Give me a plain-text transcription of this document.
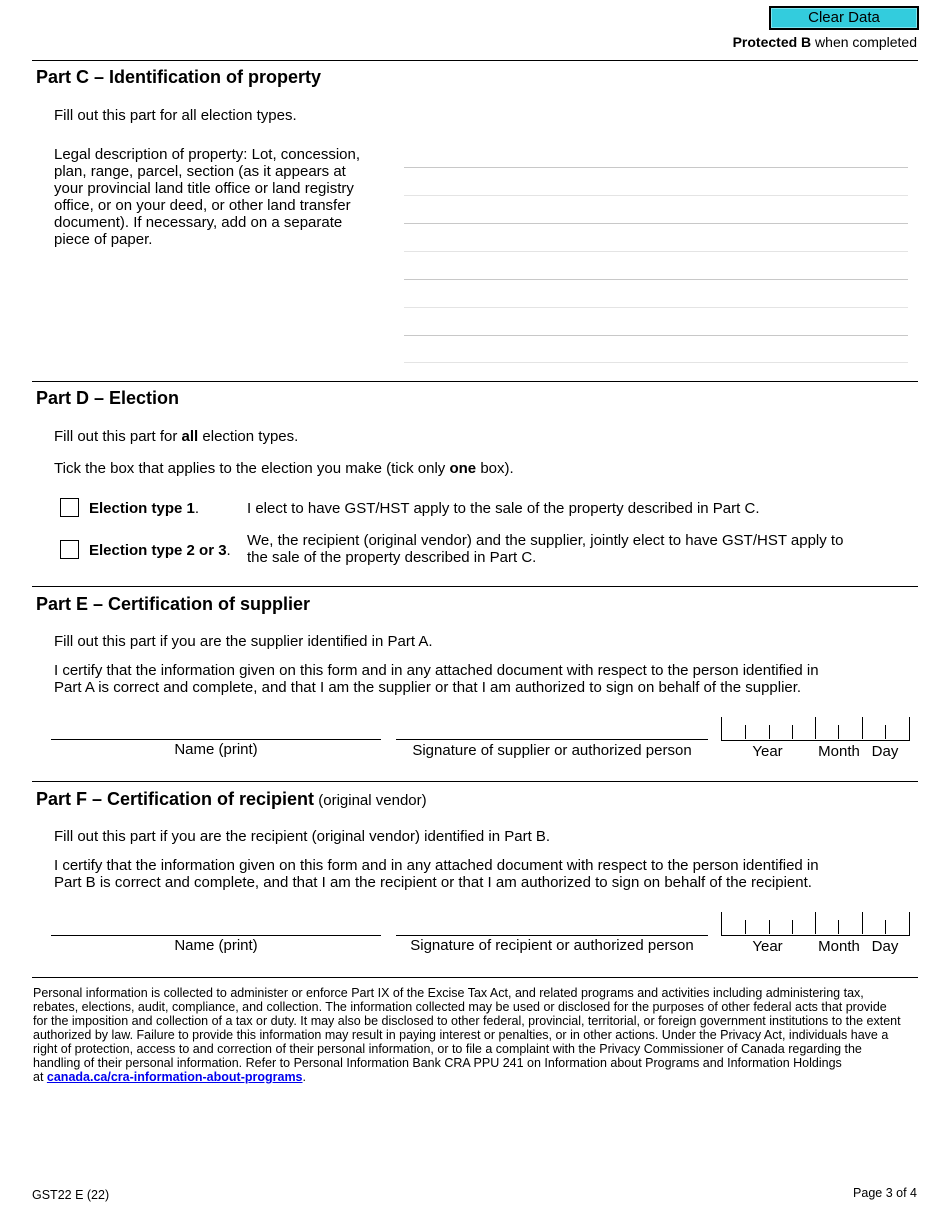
Clear Data
Protected B when completed
Part C – Identification of property
Fill out this part for all election types.
Legal description of property: Lot, concession,
plan, range, parcel, section (as it appears at
your provincial land title office or land registry
office, or on your deed, or other land transfer
document). If necessary, add on a separate
piece of paper.
Part D – Election
Fill out this part for all election types.
Tick the box that applies to the election you make (tick only one box).
Election type 1.	I elect to have GST/HST apply to the sale of the property described in Part C.
Election type 2 or 3.
We, the recipient (original vendor) and the supplier, jointly elect to have GST/HST apply to
the sale of the property described in Part C.
Part E – Certification of supplier
Fill out this part if you are the supplier identified in Part A.
I certify that the information given on this form and in any attached document with respect to the person identified in
Part A is correct and complete, and that I am the supplier or that I am authorized to sign on behalf of the supplier.
Name (print)	Signature of supplier or authorized person	Year	Month Day
Part F – Certification of recipient (original vendor)
Fill out this part if you are the recipient (original vendor) identified in Part B.
I certify that the information given on this form and in any attached document with respect to the person identified in
Part B is correct and complete, and that I am the recipient or that I am authorized to sign on behalf of the recipient.
Name (print)	Signature of recipient or authorized person	Year	Month Day
Personal information is collected to administer or enforce Part IX of the Excise Tax Act, and related programs and activities including administering tax,
rebates, elections, audit, compliance, and collection. The information collected may be used or disclosed for the purposes of other federal acts that provide
for the imposition and collection of a tax or duty. It may also be disclosed to other federal, provincial, territorial, or foreign government institutions to the extent
authorized by law. Failure to provide this information may result in paying interest or penalties, or in other actions. Under the Privacy Act, individuals have a
right of protection, access to and correction of their personal information, or to file a complaint with the Privacy Commissioner of Canada regarding the
handling of their personal information. Refer to Personal Information Bank CRA PPU 241 on Information about Programs and Information Holdings
at canada.ca/cra-information-about-programs.
GST22 E (22)	Page 3 of 4
